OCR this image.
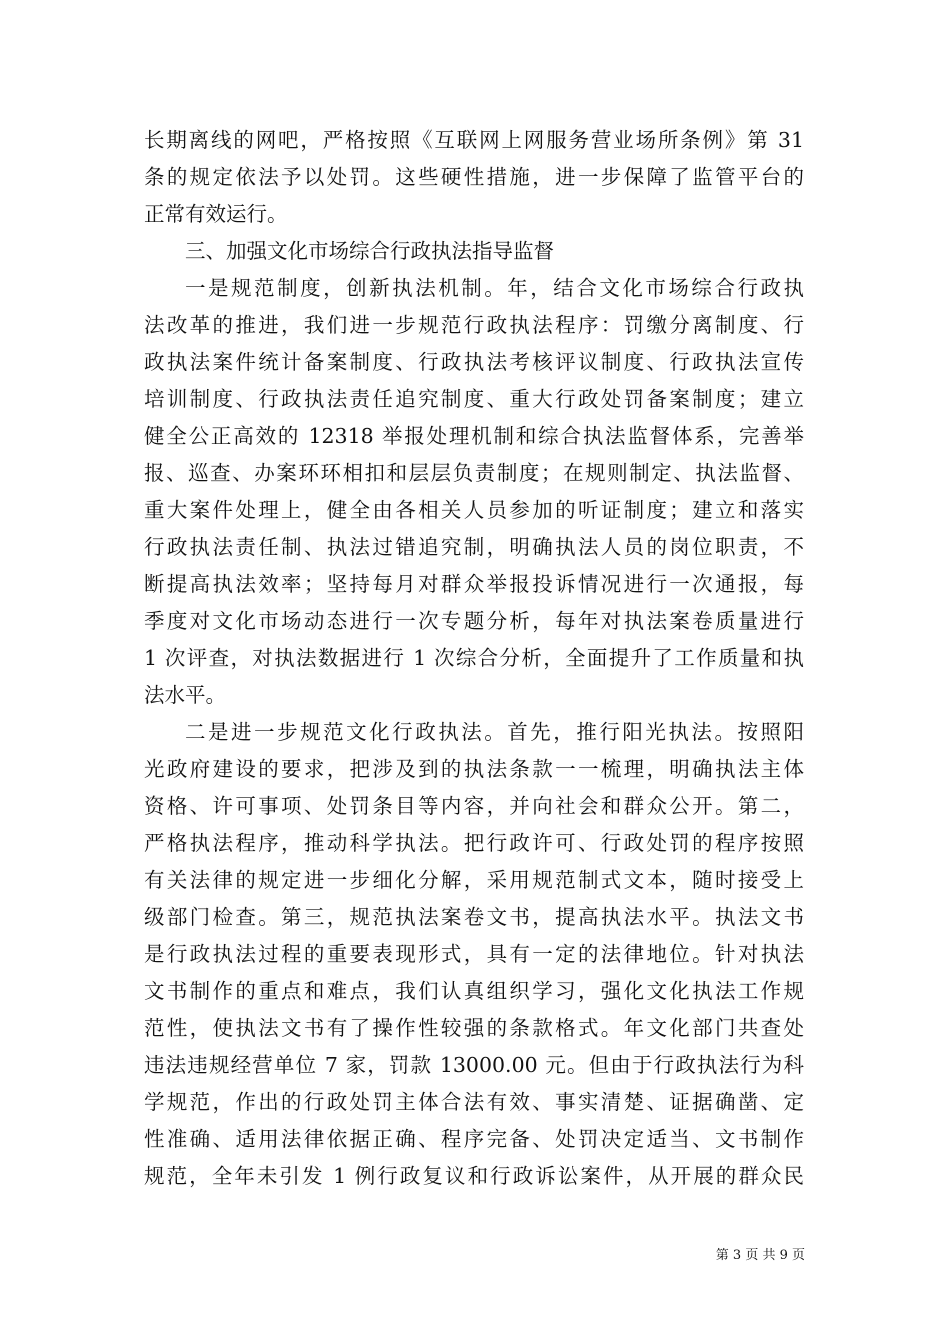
长期离线的网吧，严格按照《互联网上网服务营业场所条例》第 31
条的规定依法予以处罚。这些硬性措施，进一步保障了监管平台的
正常有效运行。
三、加强文化市场综合行政执法指导监督
一是规范制度，创新执法机制。年，结合文化市场综合行政执
法改革的推进，我们进一步规范行政执法程序：罚缴分离制度、行
政执法案件统计备案制度、行政执法考核评议制度、行政执法宣传
培训制度、行政执法责任追究制度、重大行政处罚备案制度；建立
健全公正高效的 12318 举报处理机制和综合执法监督体系，完善举
报、巡查、办案环环相扣和层层负责制度；在规则制定、执法监督、
重大案件处理上，健全由各相关人员参加的听证制度；建立和落实
行政执法责任制、执法过错追究制，明确执法人员的岗位职责，不
断提高执法效率；坚持每月对群众举报投诉情况进行一次通报，每
季度对文化市场动态进行一次专题分析，每年对执法案卷质量进行
1 次评查，对执法数据进行 1 次综合分析，全面提升了工作质量和执
法水平。
二是进一步规范文化行政执法。首先，推行阳光执法。按照阳
光政府建设的要求，把涉及到的执法条款一一梳理，明确执法主体
资格、许可事项、处罚条目等内容，并向社会和群众公开。第二，
严格执法程序，推动科学执法。把行政许可、行政处罚的程序按照
有关法律的规定进一步细化分解，采用规范制式文本，随时接受上
级部门检查。第三，规范执法案卷文书，提高执法水平。执法文书
是行政执法过程的重要表现形式，具有一定的法律地位。针对执法
文书制作的重点和难点，我们认真组织学习，强化文化执法工作规
范性，使执法文书有了操作性较强的条款格式。年文化部门共查处
违法违规经营单位 7 家，罚款 13000.00 元。但由于行政执法行为科
学规范，作出的行政处罚主体合法有效、事实清楚、证据确凿、定
性准确、适用法律依据正确、程序完备、处罚决定适当、文书制作
规范，全年未引发 1 例行政复议和行政诉讼案件，从开展的群众民
第 3 页 共 9 页
